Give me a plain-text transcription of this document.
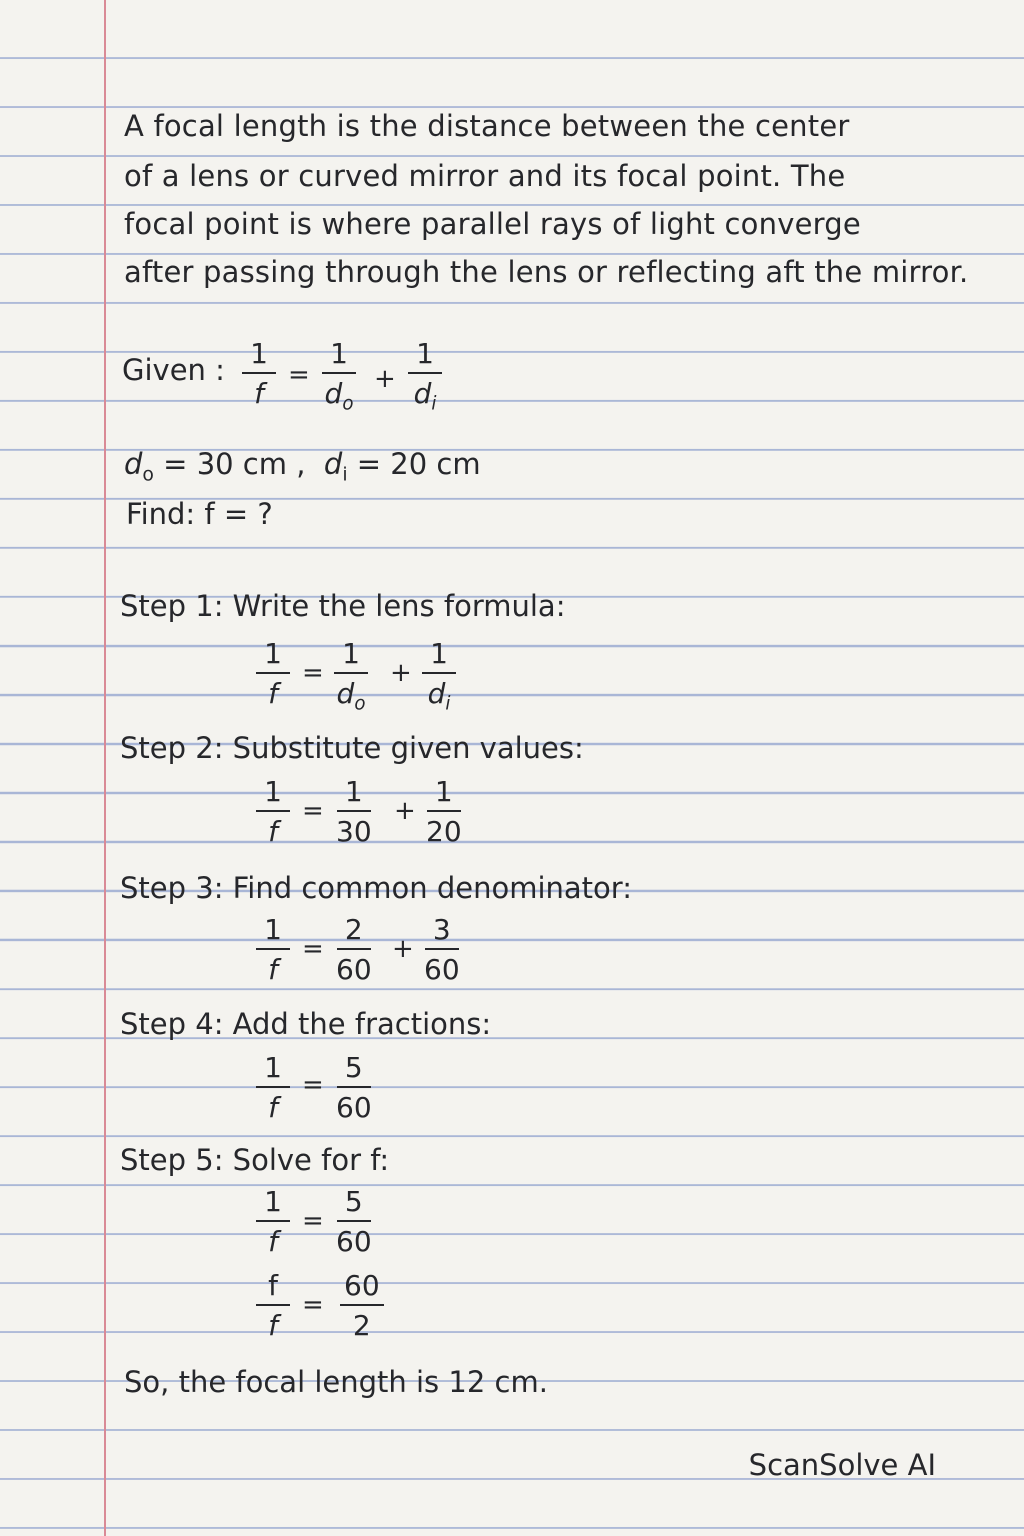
A focal length is the distance between the center
of a lens or curved mirror and its focal point. The
focal point is where parallel rays of light converge
after passing through the lens or reflecting aft the mirror.
Given : $\frac{1}{f} = \frac{1}{d_o} + \frac{1}{d_i}$
$d_o = 30$ cm , $d_i = 20$ cm
Find: f = ?
Step 1: Write the lens formula:
$\frac{1}{f} = \frac{1}{d_o} + \frac{1}{d_i}$
Step 2: Substitute given values:
$\frac{1}{f} = \frac{1}{30} + \frac{1}{20}$
Step 3: Find common denominator:
$\frac{1}{f} = \frac{2}{60} + \frac{3}{60}$
Step 4: Add the fractions:
$\frac{1}{f} = \frac{5}{60}$
Step 5: Solve for f:
$\frac{1}{f} = \frac{5}{60}$
$\frac{f}{f} = \frac{60}{2}$
So, the focal length is 12 cm.
ScanSolve AI
